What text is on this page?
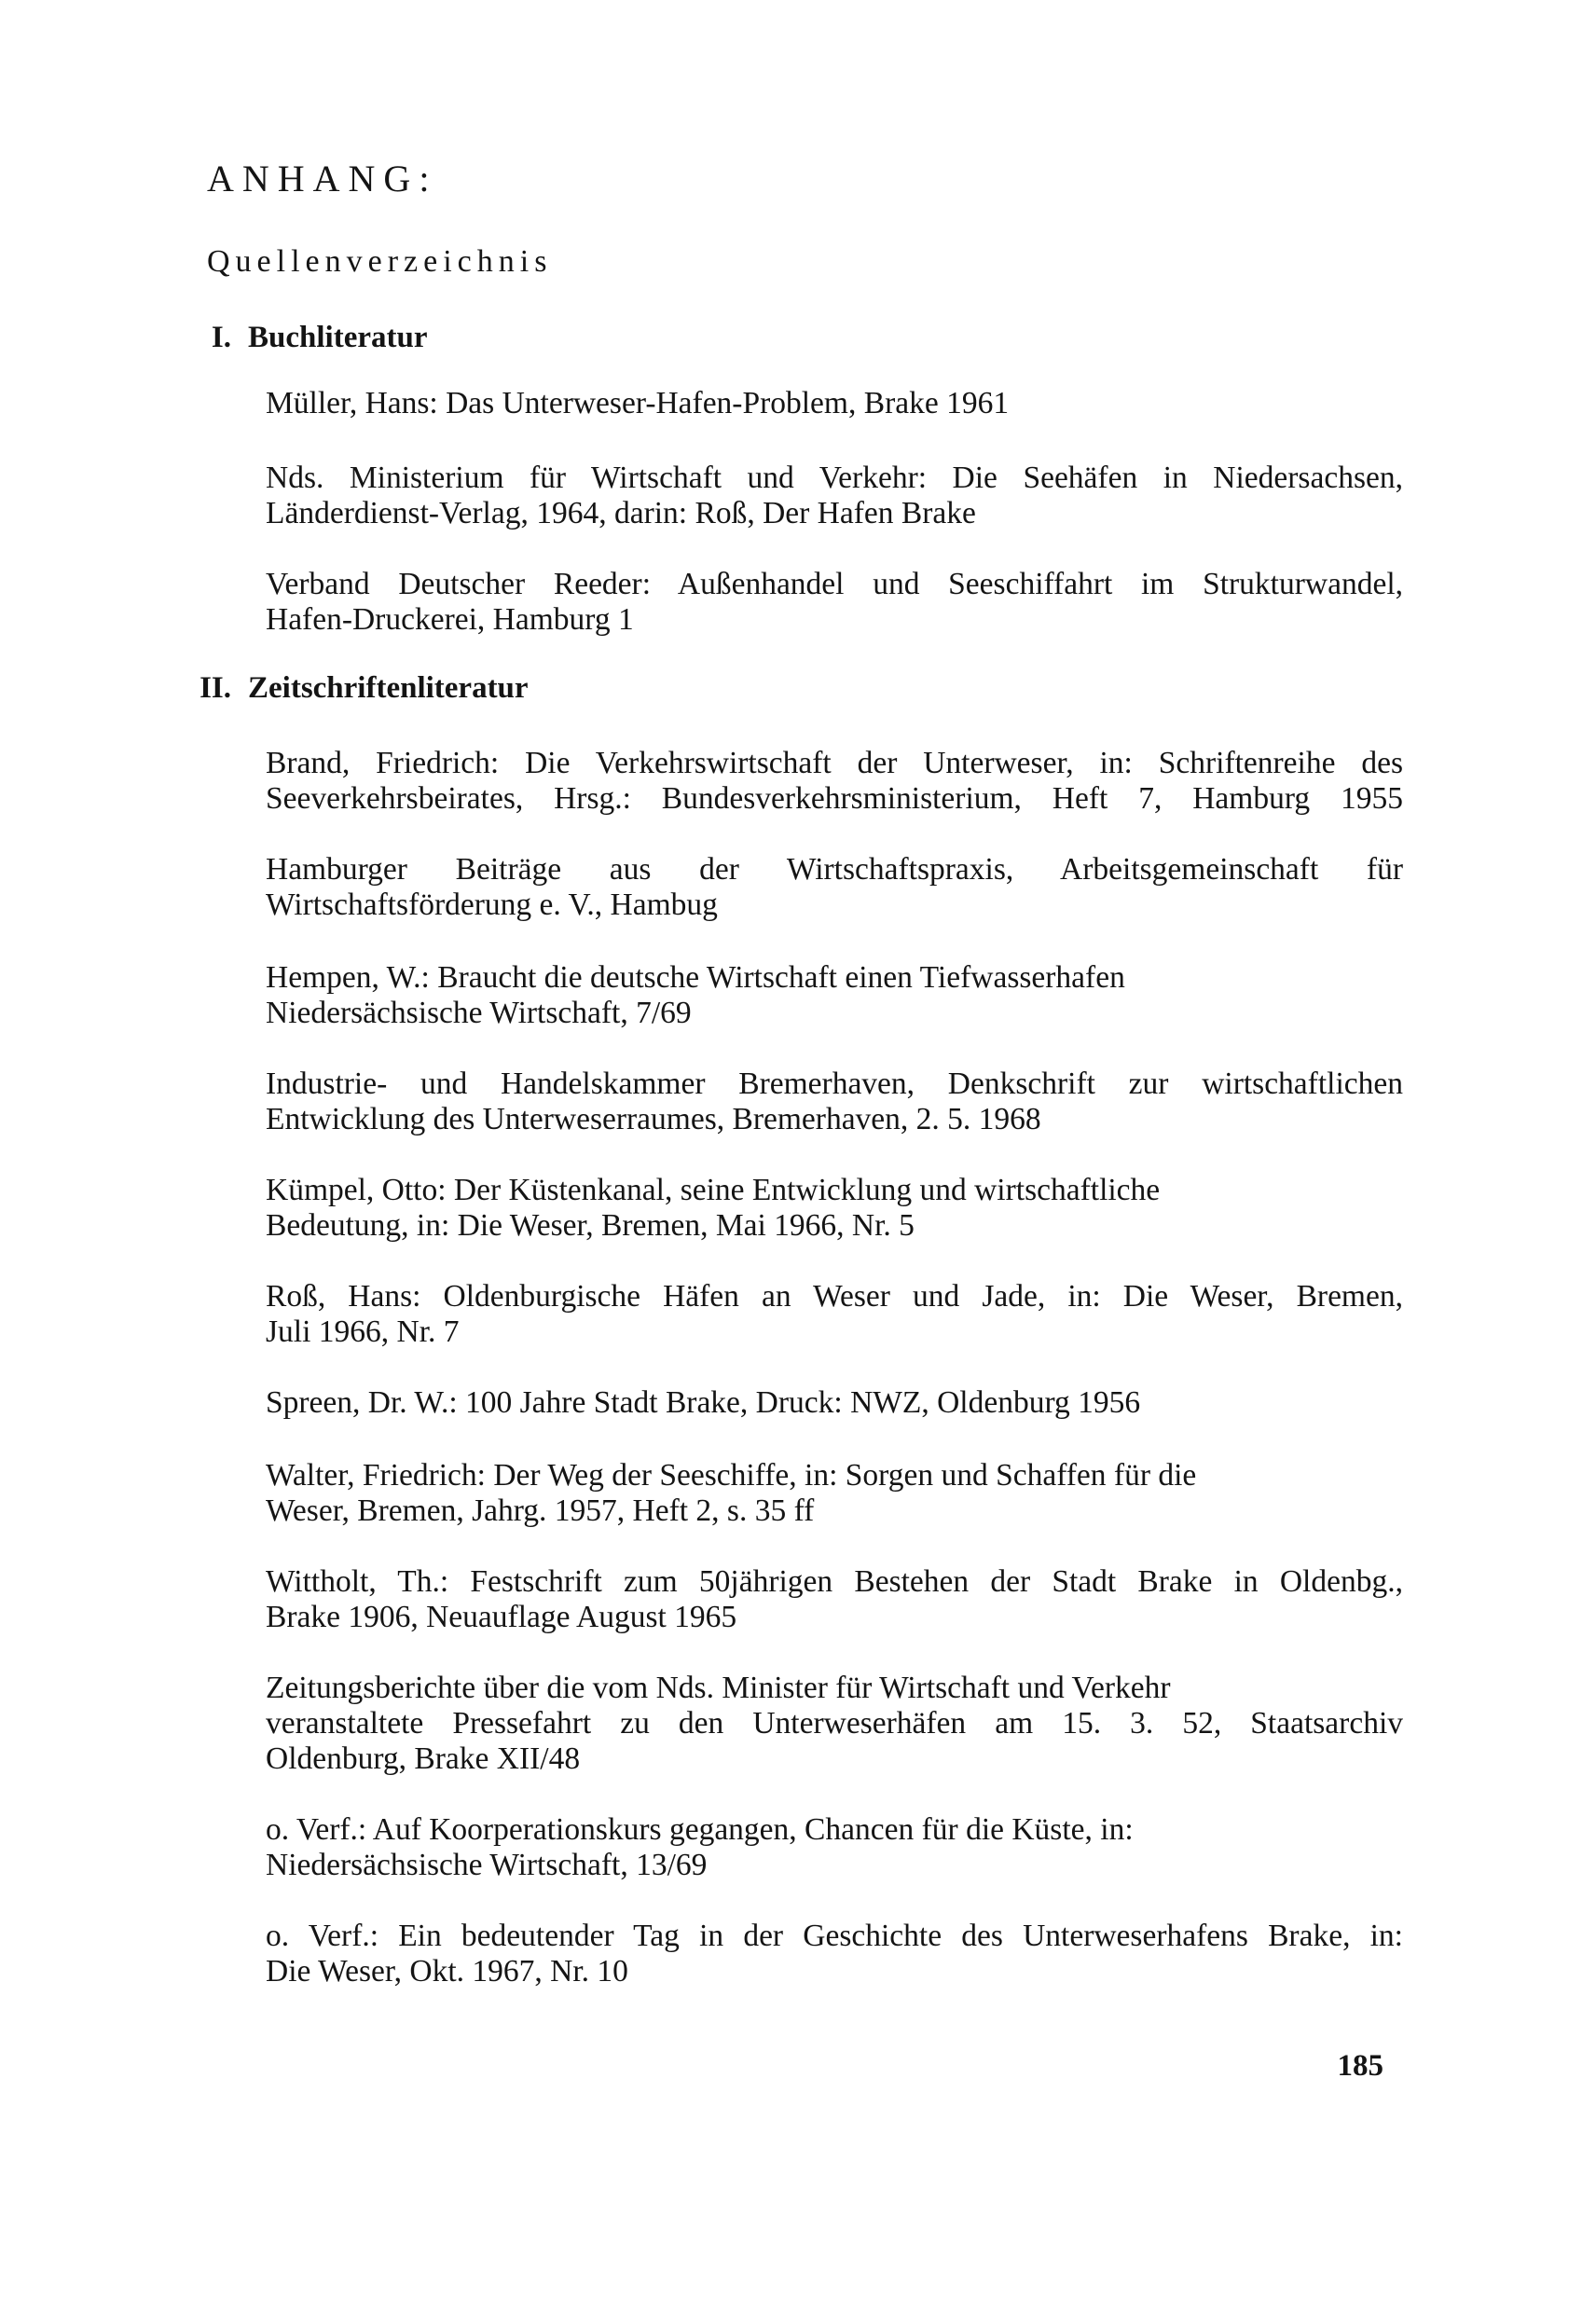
ANHANG:
Quellenverzeichnis
I. Buchliteratur

Müller, Hans: Das Unterweser-Hafen-Problem, Brake 1961

Nds. Ministerium für Wirtschaft und Verkehr: Die Seehäfen in Niedersachsen,
Länderdienst-Verlag, 1964, darin: Roß, Der Hafen Brake

Verband Deutscher Reeder: Außenhandel und Seeschiffahrt im Strukturwandel,
Hafen-Druckerei, Hamburg 1

II. Zeitschriftenliteratur

Brand, Friedrich: Die Verkehrswirtschaft der Unterweser, in: Schriftenreihe des
Seeverkehrsbeirates, Hrsg.: Bundesverkehrsministerium, Heft 7, Hamburg 1955

Hamburger Beiträge aus der Wirtschaftspraxis, Arbeitsgemeinschaft für
Wirtschaftsförderung e. V., Hambug

Hempen, W.: Braucht die deutsche Wirtschaft einen Tiefwasserhafen
Niedersächsische Wirtschaft, 7/69

Industrie- und Handelskammer Bremerhaven, Denkschrift zur wirtschaftlichen
Entwicklung des Unterweserraumes, Bremerhaven, 2. 5. 1968

Kümpel, Otto: Der Küstenkanal, seine Entwicklung und wirtschaftliche
Bedeutung, in: Die Weser, Bremen, Mai 1966, Nr. 5

Roß, Hans: Oldenburgische Häfen an Weser und Jade, in: Die Weser, Bremen,
Juli 1966, Nr. 7

Spreen, Dr. W.: 100 Jahre Stadt Brake, Druck: NWZ, Oldenburg 1956

Walter, Friedrich: Der Weg der Seeschiffe, in: Sorgen und Schaffen für die
Weser, Bremen, Jahrg. 1957, Heft 2, s. 35 ff

Wittholt, Th.: Festschrift zum 50jährigen Bestehen der Stadt Brake in Oldenbg.,
Brake 1906, Neuauflage August 1965

Zeitungsberichte über die vom Nds. Minister für Wirtschaft und Verkehr
veranstaltete Pressefahrt zu den Unterweserhäfen am 15. 3. 52, Staatsarchiv
Oldenburg, Brake XII/48

o. Verf.: Auf Koorperationskurs gegangen, Chancen für die Küste, in:
Niedersächsische Wirtschaft, 13/69

o. Verf.: Ein bedeutender Tag in der Geschichte des Unterweserhafens Brake, in:
Die Weser, Okt. 1967, Nr. 10

185
